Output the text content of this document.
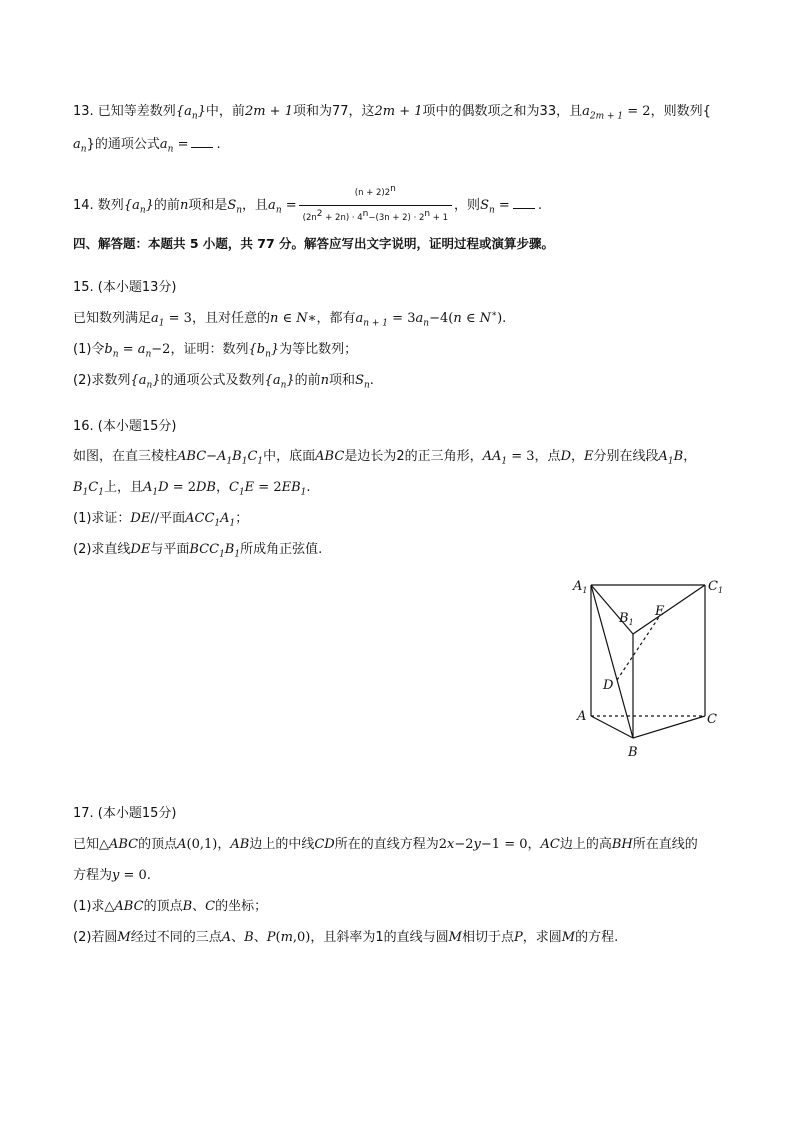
13. 已知等差数列$\{a_n\}$中，前2m + 1项和为77，这2m + 1项中的偶数项之和为33，且$a_{2m + 1} = 2$，则数列{
$a_n$}的通项公式$a_n$ = .
14. 数列$\{a_n\}$的前n项和是$S_n$，且$a_n = \frac{(n + 2)2^n}{(2n^2 + 2n) \cdot 4^n-(3n + 2) \cdot 2^n + 1}$ ，则$S_n$ = .
四、解答题：本题共 5 小题，共 77 分。解答应写出文字说明，证明过程或演算步骤。
15. (本小题13分)
已知数列满足$a_1 = 3$，且对任意的n ∈ N∗，都有$a_{n + 1} = 3a_n-4(n$ ∈ N∗).
(1)令$b_n = a_n-2$，证明：数列$\{b_n\}$为等比数列；
(2)求数列$\{a_n\}$的通项公式及数列$\{a_n\}$的前n项和$S_n$.
16. (本小题15分)
如图，在直三棱柱$ABC-A_1B_1C_1$中，底面ABC是边长为2的正三角形，$AA_1 = 3$，点D，E分别在线段$A_1B$，
$B_1C_1$上，且$A_1D = 2DB$，$C_1E = 2EB_1$.
(1)求证：DE//平面$ACC_1A_1$；
(2)求直线DE与平面$BCC_1B_1$所成角正弦值.
$A_1$	$C_1$
$B_1$
E
D
A	C
B
17. (本小题15分)
已知△ABC的顶点A(0,1)，AB边上的中线CD所在的直线方程为2x−2y−1 = 0，AC边上的高BH所在直线的
方程为y = 0.
(1)求△ABC的顶点B、C的坐标；
(2)若圆M经过不同的三点A、B、P(m,0)，且斜率为1的直线与圆M相切于点P，求圆M的方程.
